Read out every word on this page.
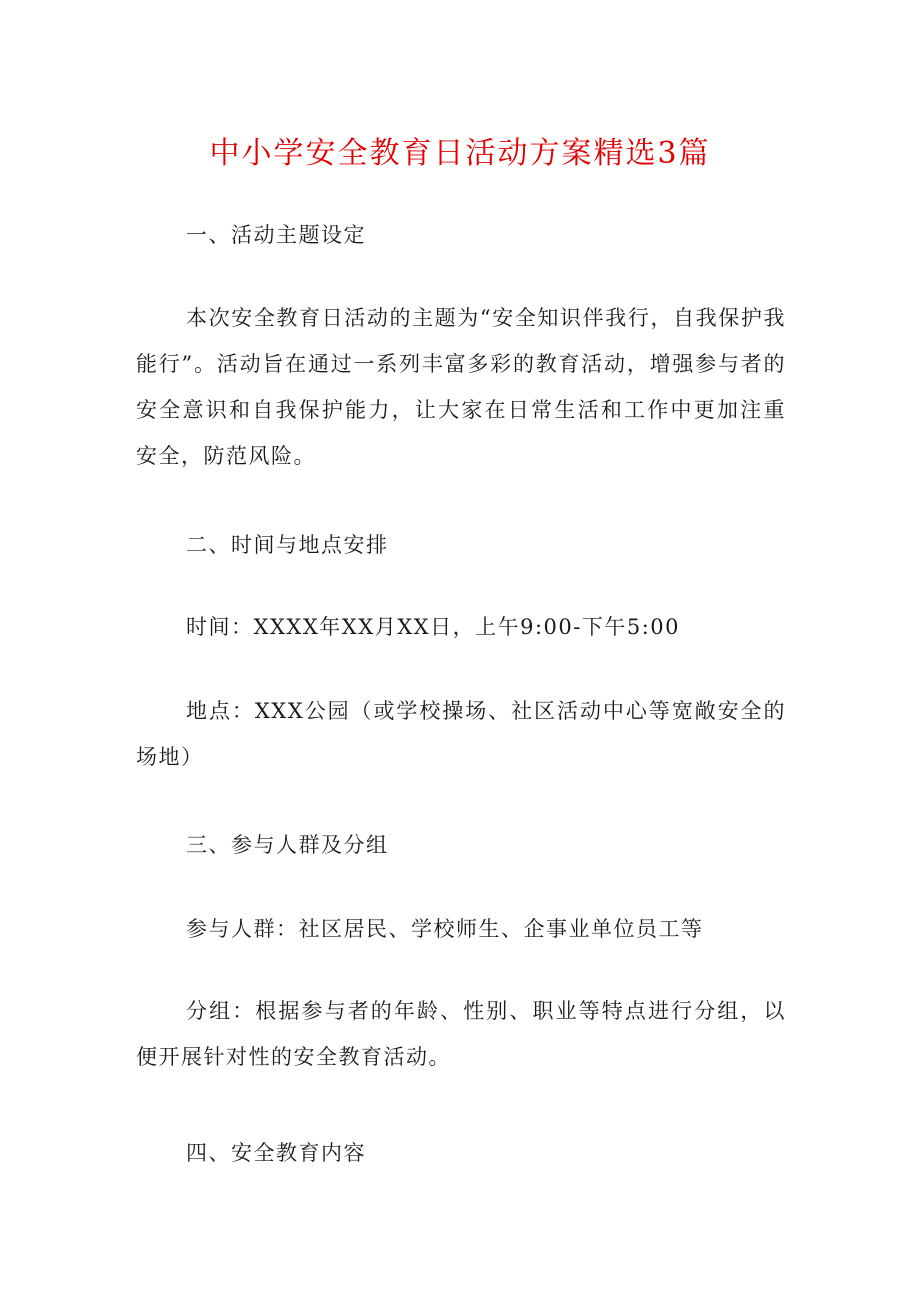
中小学安全教育日活动方案精选3篇
一、活动主题设定
本次安全教育日活动的主题为“安全知识伴我行，自我保护我能行”。活动旨在通过一系列丰富多彩的教育活动，增强参与者的安全意识和自我保护能力，让大家在日常生活和工作中更加注重安全，防范风险。
二、时间与地点安排
时间：XXXX年XX月XX日，上午9:00-下午5:00
地点：XXX公园（或学校操场、社区活动中心等宽敞安全的场地）
三、参与人群及分组
参与人群：社区居民、学校师生、企事业单位员工等
分组：根据参与者的年龄、性别、职业等特点进行分组，以便开展针对性的安全教育活动。
四、安全教育内容
